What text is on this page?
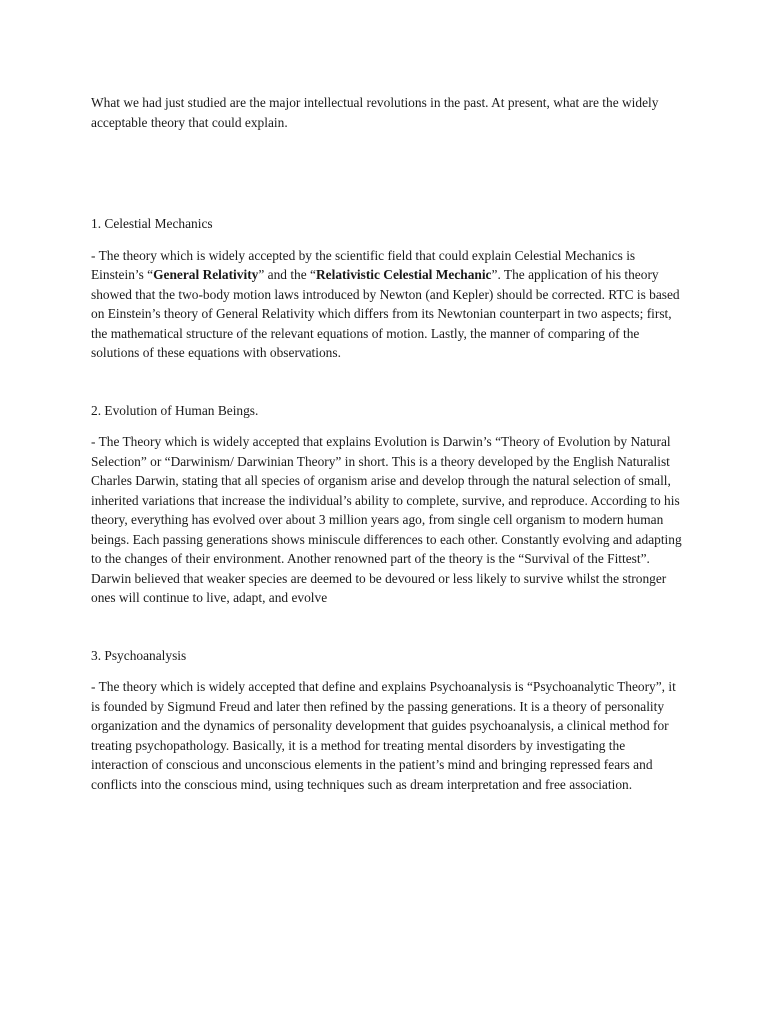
What we had just studied are the major intellectual revolutions in the past. At present, what are the widely acceptable theory that could explain.

1. Celestial Mechanics

- The theory which is widely accepted by the scientific field that could explain Celestial Mechanics is Einstein’s “General Relativity” and the “Relativistic Celestial Mechanic”. The application of his theory showed that the two-body motion laws introduced by Newton (and Kepler) should be corrected. RTC is based on Einstein’s theory of General Relativity which differs from its Newtonian counterpart in two aspects; first, the mathematical structure of the relevant equations of motion. Lastly, the manner of comparing of the solutions of these equations with observations.

2. Evolution of Human Beings.

- The Theory which is widely accepted that explains Evolution is Darwin’s “Theory of Evolution by Natural Selection” or “Darwinism/ Darwinian Theory” in short. This is a theory developed by the English Naturalist Charles Darwin, stating that all species of organism arise and develop through the natural selection of small, inherited variations that increase the individual’s ability to complete, survive, and reproduce. According to his theory, everything has evolved over about 3 million years ago, from single cell organism to modern human beings. Each passing generations shows miniscule differences to each other. Constantly evolving and adapting to the changes of their environment. Another renowned part of the theory is the “Survival of the Fittest”. Darwin believed that weaker species are deemed to be devoured or less likely to survive whilst the stronger ones will continue to live, adapt, and evolve

3. Psychoanalysis

- The theory which is widely accepted that define and explains Psychoanalysis is “Psychoanalytic Theory”, it is founded by Sigmund Freud and later then refined by the passing generations. It is a theory of personality organization and the dynamics of personality development that guides psychoanalysis, a clinical method for treating psychopathology. Basically, it is a method for treating mental disorders by investigating the interaction of conscious and unconscious elements in the patient’s mind and bringing repressed fears and conflicts into the conscious mind, using techniques such as dream interpretation and free association.
